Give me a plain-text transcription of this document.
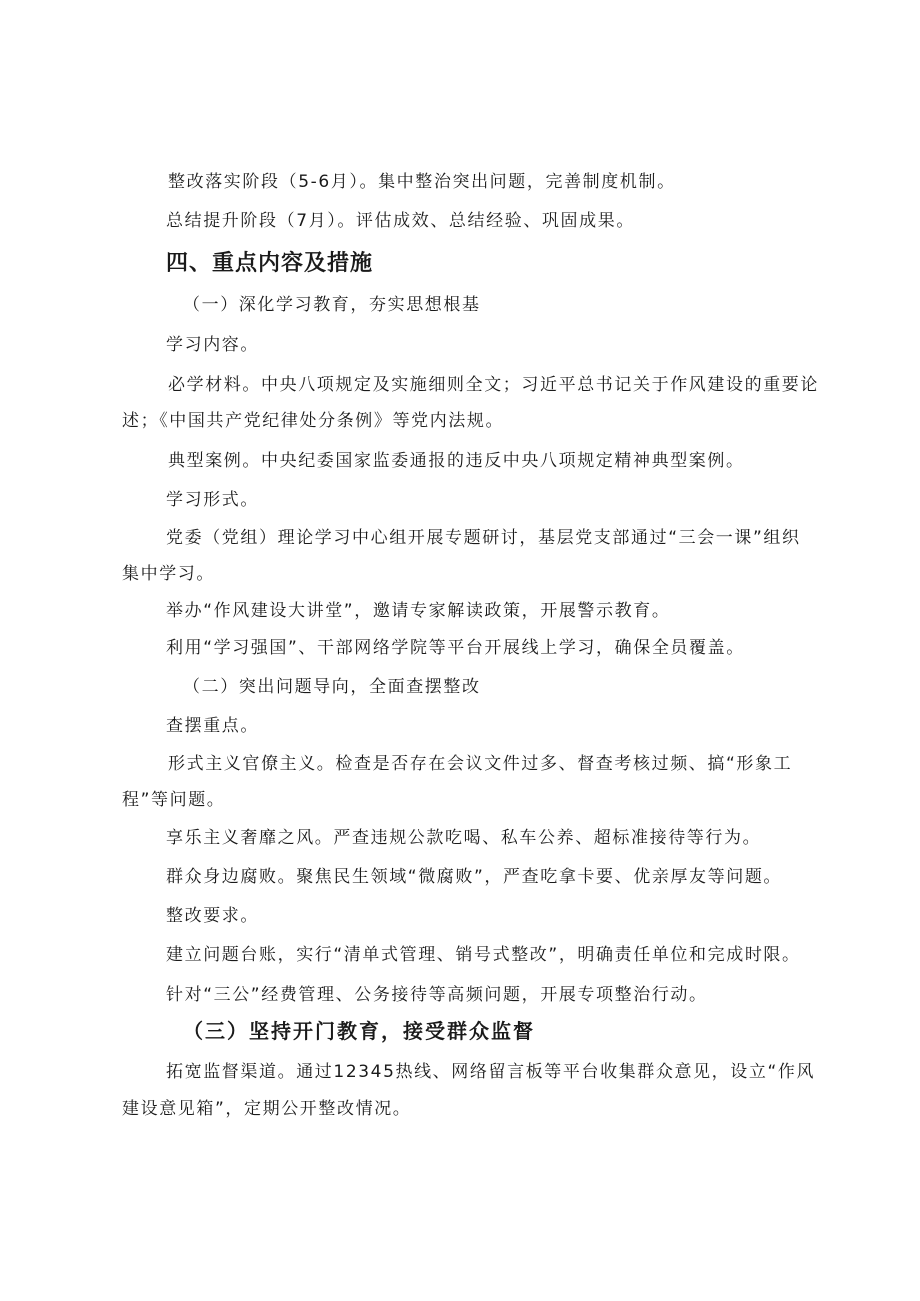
整改落实阶段（5-6月）。集中整治突出问题，完善制度机制。
总结提升阶段（7月）。评估成效、总结经验、巩固成果。
四、重点内容及措施
（一）深化学习教育，夯实思想根基
学习内容。
必学材料。中央八项规定及实施细则全文；习近平总书记关于作风建设的重要论
述；《中国共产党纪律处分条例》等党内法规。
典型案例。中央纪委国家监委通报的违反中央八项规定精神典型案例。
学习形式。
党委（党组）理论学习中心组开展专题研讨，基层党支部通过“三会一课”组织
集中学习。
举办“作风建设大讲堂”，邀请专家解读政策，开展警示教育。
利用“学习强国”、干部网络学院等平台开展线上学习，确保全员覆盖。
（二）突出问题导向，全面查摆整改
查摆重点。
形式主义官僚主义。检查是否存在会议文件过多、督查考核过频、搞“形象工
程”等问题。
享乐主义奢靡之风。严查违规公款吃喝、私车公养、超标准接待等行为。
群众身边腐败。聚焦民生领域“微腐败”，严查吃拿卡要、优亲厚友等问题。
整改要求。
建立问题台账，实行“清单式管理、销号式整改”，明确责任单位和完成时限。
针对“三公”经费管理、公务接待等高频问题，开展专项整治行动。
（三）坚持开门教育，接受群众监督
拓宽监督渠道。通过12345热线、网络留言板等平台收集群众意见，设立“作风
建设意见箱”，定期公开整改情况。
